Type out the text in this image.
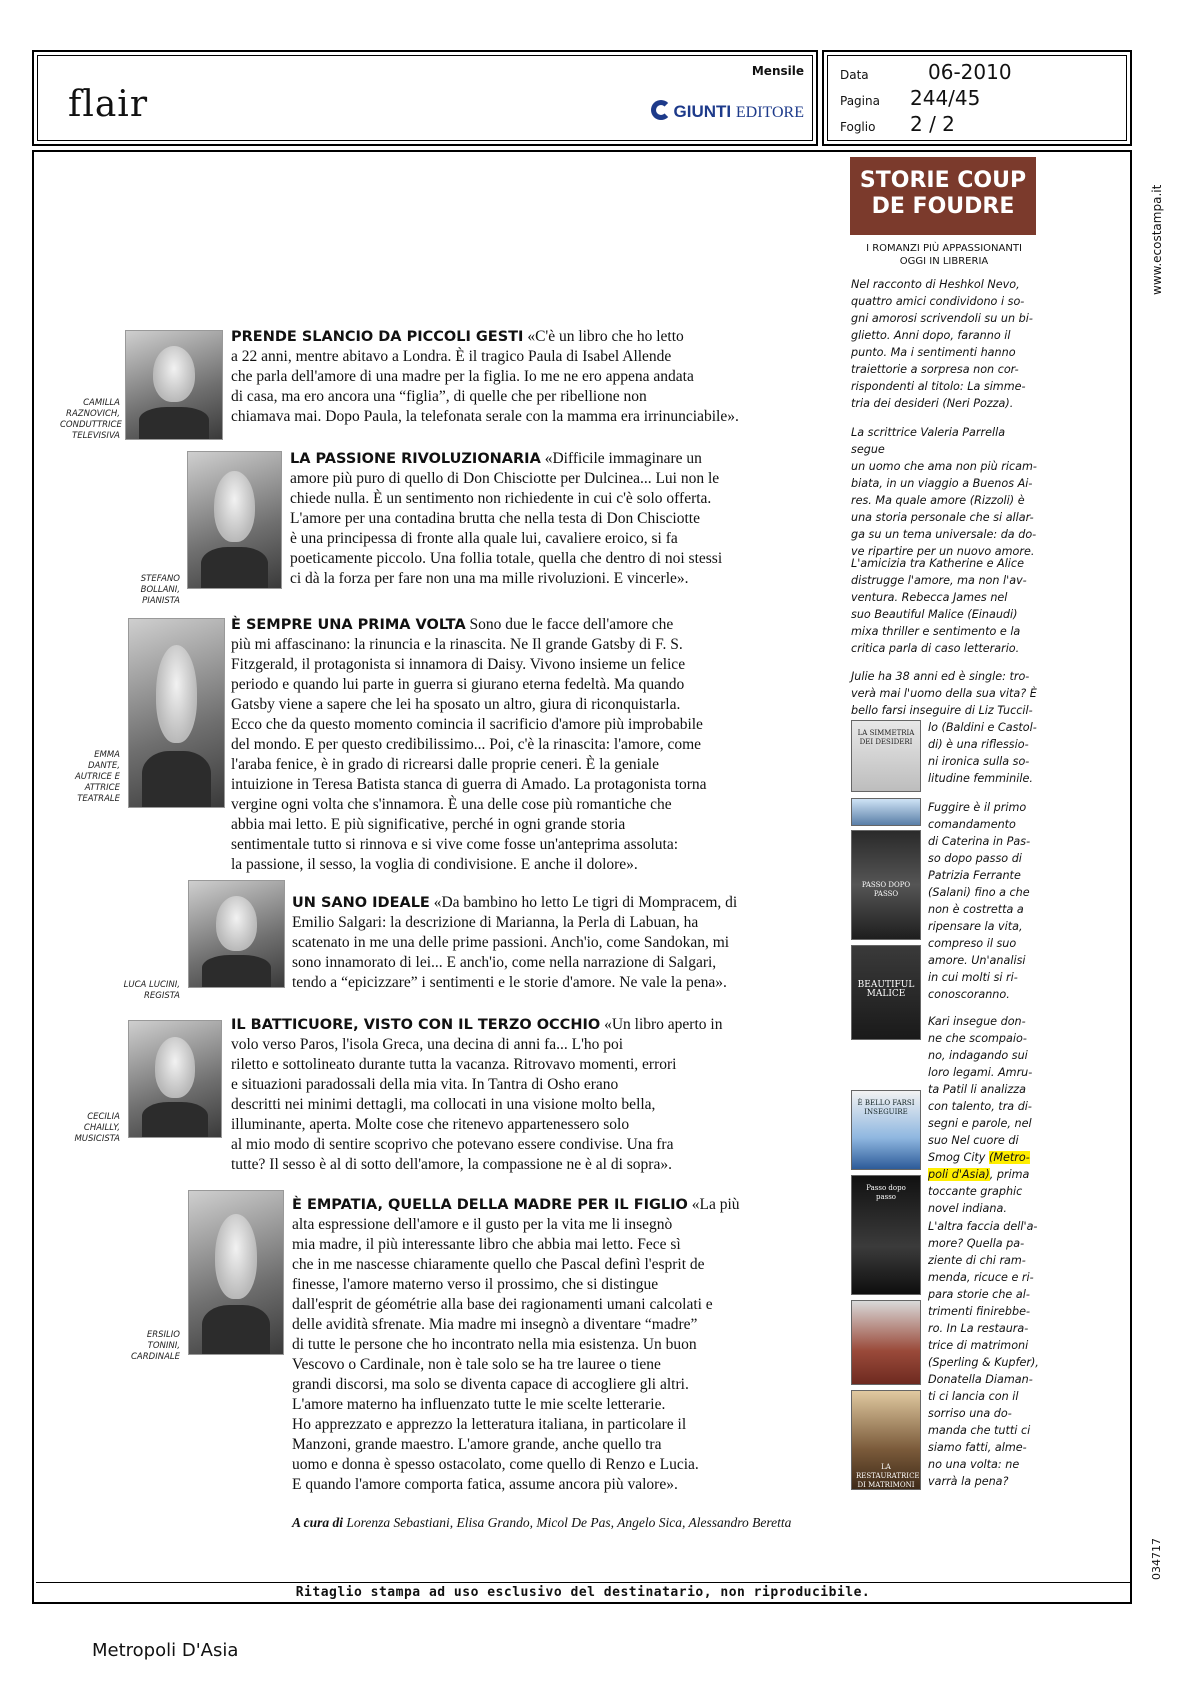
flair
Mensile
GIUNTI EDITORE
Data	06-2010
Pagina 244/45
Foglio 2 / 2
www.ecostampa.it
034717
CAMILLA RAZNOVICH, CONDUTTRICE TELEVISIVA
PRENDE SLANCIO DA PICCOLI GESTI «C'è un libro che ho letto
a 22 anni, mentre abitavo a Londra. È il tragico Paula di Isabel Allende
che parla dell'amore di una madre per la figlia. Io me ne ero appena andata
di casa, ma ero ancora una “figlia”, di quelle che per ribellione non
chiamava mai. Dopo Paula, la telefonata serale con la mamma era irrinunciabile».
STEFANO BOLLANI, PIANISTA
LA PASSIONE RIVOLUZIONARIA «Difficile immaginare un
amore più puro di quello di Don Chisciotte per Dulcinea... Lui non le
chiede nulla. È un sentimento non richiedente in cui c'è solo offerta.
L'amore per una contadina brutta che nella testa di Don Chisciotte
è una principessa di fronte alla quale lui, cavaliere eroico, si fa
poeticamente piccolo. Una follia totale, quella che dentro di noi stessi
ci dà la forza per fare non una ma mille rivoluzioni. E vincerle».
EMMA DANTE, AUTRICE E ATTRICE TEATRALE
È SEMPRE UNA PRIMA VOLTA Sono due le facce dell'amore che
più mi affascinano: la rinuncia e la rinascita. Ne Il grande Gatsby di F. S.
Fitzgerald, il protagonista si innamora di Daisy. Vivono insieme un felice
periodo e quando lui parte in guerra si giurano eterna fedeltà. Ma quando
Gatsby viene a sapere che lei ha sposato un altro, giura di riconquistarla.
Ecco che da questo momento comincia il sacrificio d'amore più improbabile
del mondo. E per questo credibilissimo... Poi, c'è la rinascita: l'amore, come
l'araba fenice, è in grado di ricrearsi dalle proprie ceneri. È la geniale
intuizione in Teresa Batista stanca di guerra di Amado. La protagonista torna
vergine ogni volta che s'innamora. È una delle cose più romantiche che
abbia mai letto. E più significative, perché in ogni grande storia
sentimentale tutto si rinnova e si vive come fosse un'anteprima assoluta:
la passione, il sesso, la voglia di condivisione. E anche il dolore».
LUCA LUCINI, REGISTA
UN SANO IDEALE «Da bambino ho letto Le tigri di Mompracem, di
Emilio Salgari: la descrizione di Marianna, la Perla di Labuan, ha
scatenato in me una delle prime passioni. Anch'io, come Sandokan, mi
sono innamorato di lei... E anch'io, come nella narrazione di Salgari,
tendo a “epicizzare” i sentimenti e le storie d'amore. Ne vale la pena».
CECILIA CHAILLY, MUSICISTA
IL BATTICUORE, VISTO CON IL TERZO OCCHIO «Un libro aperto in
volo verso Paros, l'isola Greca, una decina di anni fa... L'ho poi
riletto e sottolineato durante tutta la vacanza. Ritrovavo momenti, errori
e situazioni paradossali della mia vita. In Tantra di Osho erano
descritti nei minimi dettagli, ma collocati in una visione molto bella,
illuminante, aperta. Molte cose che ritenevo appartenessero solo
al mio modo di sentire scoprivo che potevano essere condivise. Una fra
tutte? Il sesso è al di sotto dell'amore, la compassione ne è al di sopra».
ERSILIO TONINI, CARDINALE
È EMPATIA, QUELLA DELLA MADRE PER IL FIGLIO «La più
alta espressione dell'amore e il gusto per la vita me li insegnò
mia madre, il più interessante libro che abbia mai letto. Fece sì
che in me nascesse chiaramente quello che Pascal definì l'esprit de
finesse, l'amore materno verso il prossimo, che si distingue
dall'esprit de géométrie alla base dei ragionamenti umani calcolati e
delle avidità sfrenate. Mia madre mi insegnò a diventare “madre”
di tutte le persone che ho incontrato nella mia esistenza. Un buon
Vescovo o Cardinale, non è tale solo se ha tre lauree o tiene
grandi discorsi, ma solo se diventa capace di accogliere gli altri.
L'amore materno ha influenzato tutte le mie scelte letterarie.
Ho apprezzato e apprezzo la letteratura italiana, in particolare il
Manzoni, grande maestro. L'amore grande, anche quello tra
uomo e donna è spesso ostacolato, come quello di Renzo e Lucia.
E quando l'amore comporta fatica, assume ancora più valore».
A cura di Lorenza Sebastiani, Elisa Grando, Micol De Pas, Angelo Sica, Alessandro Beretta
STORIE COUP DE FOUDRE
I ROMANZI PIÙ APPASSIONANTI OGGI IN LIBRERIA
Nel racconto di Heshkol Nevo,
quattro amici condividono i so-
gni amorosi scrivendoli su un bi-
glietto. Anni dopo, faranno il
punto. Ma i sentimenti hanno
traiettorie a sorpresa non cor-
rispondenti al titolo: La simme-
tria dei desideri (Neri Pozza).
La scrittrice Valeria Parrella segue
un uomo che ama non più ricam-
biata, in un viaggio a Buenos Ai-
res. Ma quale amore (Rizzoli) è
una storia personale che si allar-
ga su un tema universale: da do-
ve ripartire per un nuovo amore.
L'amicizia tra Katherine e Alice
distrugge l'amore, ma non l'av-
ventura. Rebecca James nel
suo Beautiful Malice (Einaudi)
mixa thriller e sentimento e la
critica parla di caso letterario.
Julie ha 38 anni ed è single: tro-
verà mai l'uomo della sua vita? È
bello farsi inseguire di Liz Tuccil-
LA SIMMETRIA DEI DESIDERI
PASSO DOPO PASSO
BEAUTIFUL MALICE
È BELLO FARSI INSEGUIRE
Passo dopo passo
LA RESTAURATRICE DI MATRIMONI
lo (Baldini e Castol-
di) è una riflessio-
ni ironica sulla so-
litudine femminile.
Fuggire è il primo
comandamento
di Caterina in Pas-
so dopo passo di
Patrizia Ferrante
(Salani) fino a che
non è costretta a
ripensare la vita,
compreso il suo
amore. Un'analisi
in cui molti si ri-
conoscoranno.
Kari insegue don-
ne che scompaio-
no, indagando sui
loro legami. Amru-
ta Patil li analizza
con talento, tra di-
segni e parole, nel
suo Nel cuore di
Smog City (Metro-
poli d'Asia), prima
toccante graphic
novel indiana.
L'altra faccia dell'a-
more? Quella pa-
ziente di chi ram-
menda, ricuce e ri-
para storie che al-
trimenti finirebbe-
ro. In La restaura-
trice di matrimoni
(Sperling & Kupfer),
Donatella Diaman-
ti ci lancia con il
sorriso una do-
manda che tutti ci
siamo fatti, alme-
no una volta: ne
varrà la pena?
Ritaglio stampa ad uso esclusivo del destinatario, non riproducibile.
Metropoli D'Asia
